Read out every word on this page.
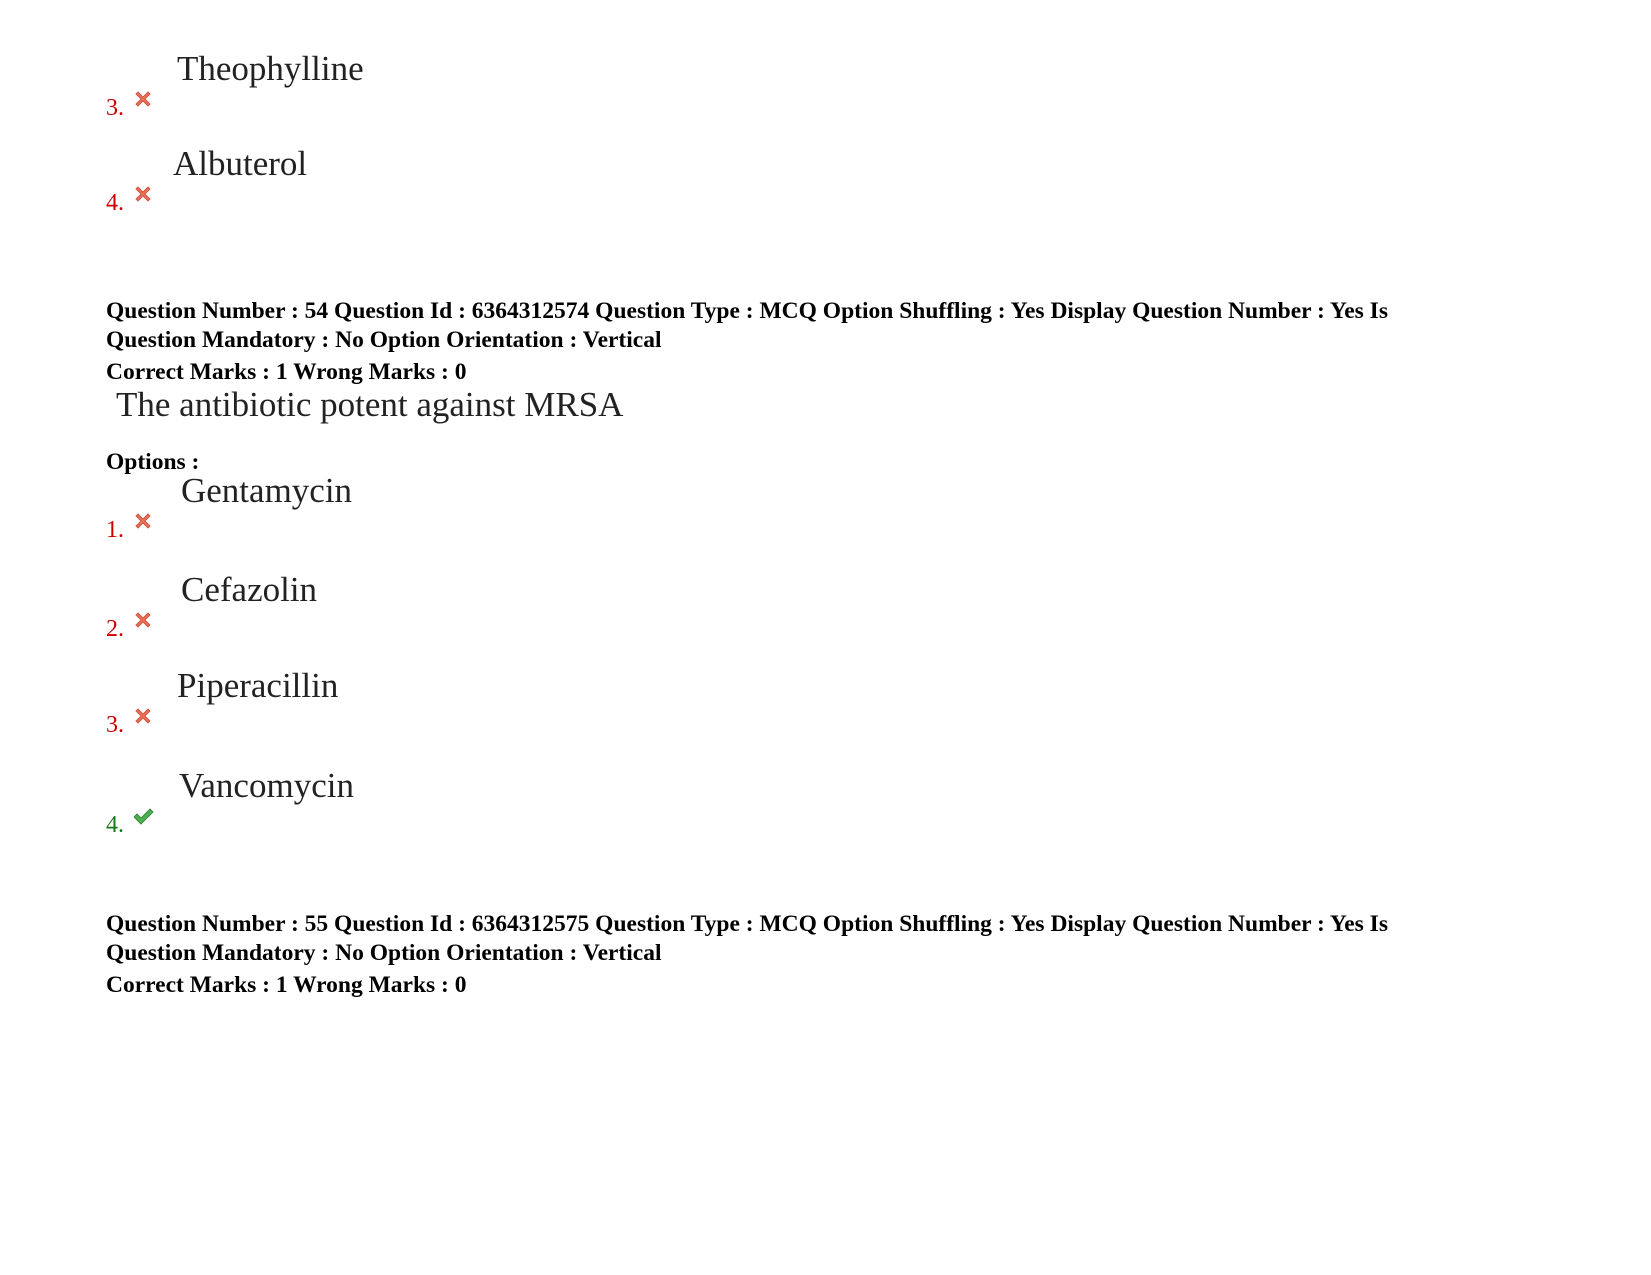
3.
Theophylline
4.
Albuterol
Question Number : 54 Question Id : 6364312574 Question Type : MCQ Option Shuffling : Yes Display Question Number : Yes Is
Question Mandatory : No Option Orientation : Vertical
Correct Marks : 1 Wrong Marks : 0
The antibiotic potent against MRSA
Options :
1.
Gentamycin
2.
Cefazolin
3.
Piperacillin
4.
Vancomycin
Question Number : 55 Question Id : 6364312575 Question Type : MCQ Option Shuffling : Yes Display Question Number : Yes Is
Question Mandatory : No Option Orientation : Vertical
Correct Marks : 1 Wrong Marks : 0
